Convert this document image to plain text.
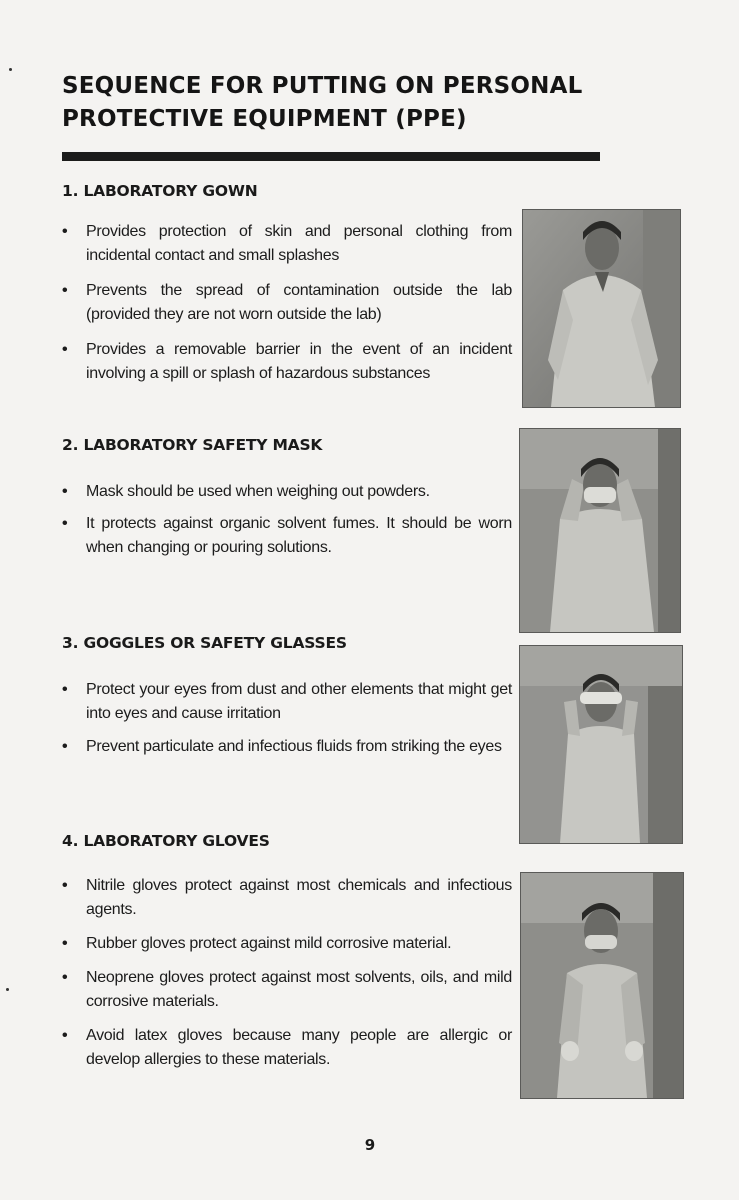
SEQUENCE FOR PUTTING ON PERSONAL
PROTECTIVE EQUIPMENT (PPE)
1. LABORATORY GOWN
• Provides protection of skin and personal clothing from incidental contact and small splashes
• Prevents the spread of contamination outside the lab (provided they are not worn outside the lab)
• Provides a removable barrier in the event of an incident involving a spill or splash of hazardous substances
2. LABORATORY SAFETY MASK
• Mask should be used when weighing out powders.
• It protects against organic solvent fumes. It should be worn when changing or pouring solutions.
3. GOGGLES OR SAFETY GLASSES
• Protect your eyes from dust and other elements that might get into eyes and cause irritation
• Prevent particulate and infectious fluids from striking the eyes
4. LABORATORY GLOVES
• Nitrile gloves protect against most chemicals and infectious agents.
• Rubber gloves protect against mild corrosive material.
• Neoprene gloves protect against most solvents, oils, and mild corrosive materials.
• Avoid latex gloves because many people are allergic or develop allergies to these materials.
9
